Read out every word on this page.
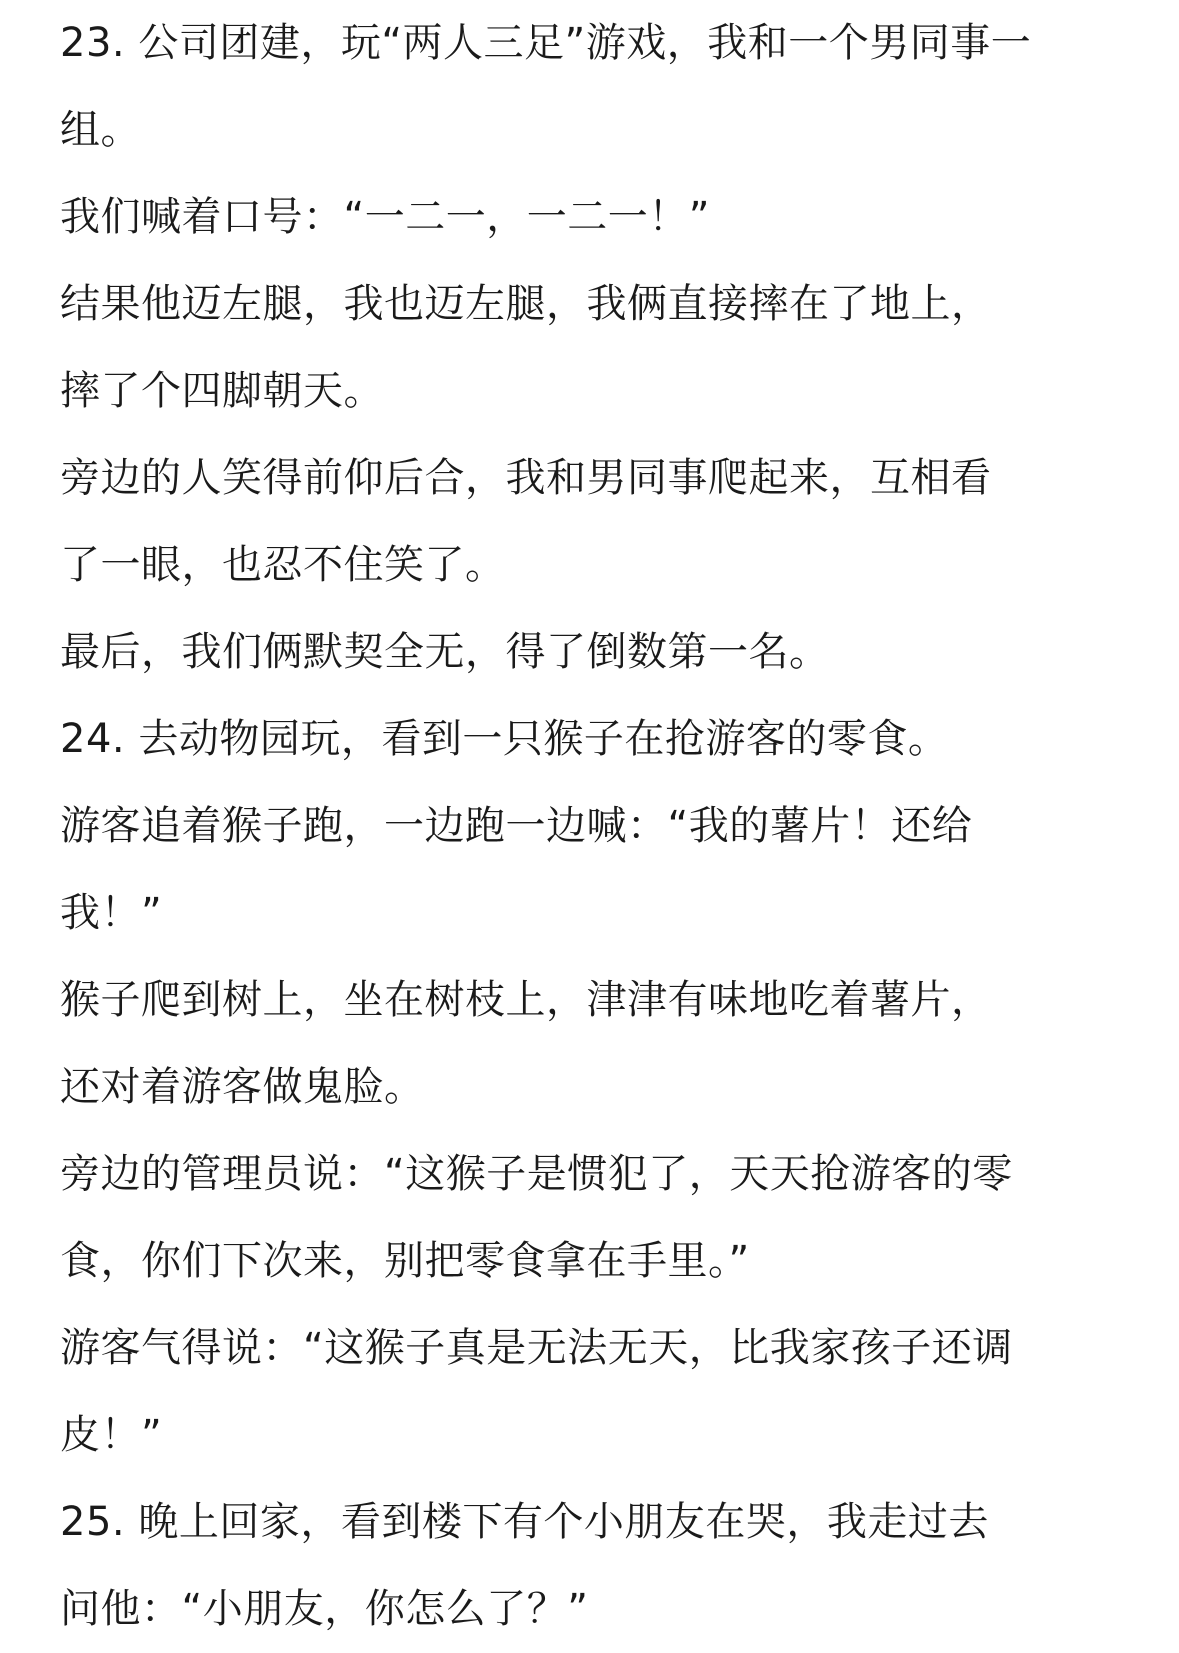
23. 公司团建，玩“两人三足”游戏，我和一个男同事一

组。

我们喊着口号：“一二一，一二一！”

结果他迈左腿，我也迈左腿，我俩直接摔在了地上，

摔了个四脚朝天。

旁边的人笑得前仰后合，我和男同事爬起来，互相看

了一眼，也忍不住笑了。

最后，我们俩默契全无，得了倒数第一名。

24. 去动物园玩，看到一只猴子在抢游客的零食。

游客追着猴子跑，一边跑一边喊：“我的薯片！还给

我！”

猴子爬到树上，坐在树枝上，津津有味地吃着薯片，

还对着游客做鬼脸。

旁边的管理员说：“这猴子是惯犯了，天天抢游客的零

食，你们下次来，别把零食拿在手里。”

游客气得说：“这猴子真是无法无天，比我家孩子还调

皮！”

25. 晚上回家，看到楼下有个小朋友在哭，我走过去

问他：“小朋友，你怎么了？”
